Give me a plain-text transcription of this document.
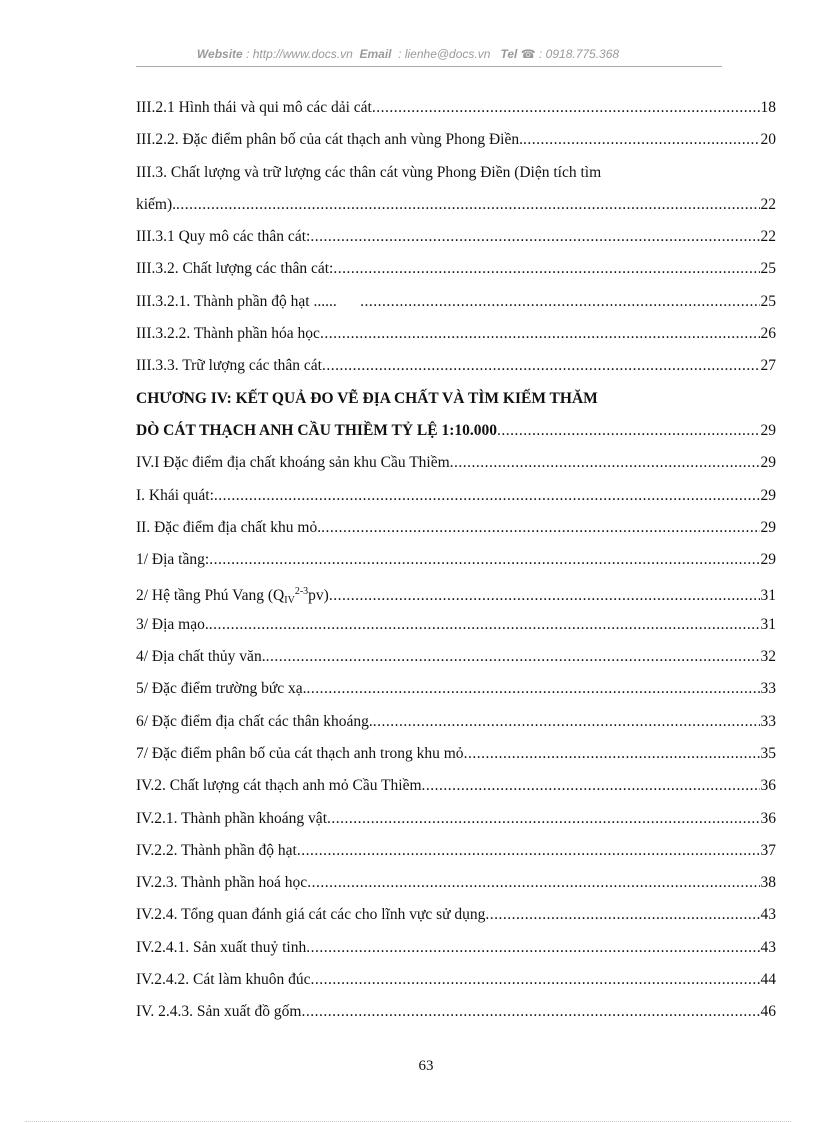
Website : http://www.docs.vn Email : lienhe@docs.vn Tel ☎ : 0918.775.368
III.2.1 Hình thái và qui mô các dải cát .....	18
III.2.2. Đặc điểm phân bố của cát thạch anh vùng Phong Điền. .....	20
III.3. Chất lượng và trữ lượng các thân cát vùng Phong Điền (Diện tích tìm
kiếm). .....	22
III.3.1 Quy mô các thân cát: .....	22
III.3.2. Chất lượng các thân cát: .....	25
III.3.2.1. Thành phần độ hạt ...... .....	25
III.3.2.2. Thành phần hóa học .....	26
III.3.3. Trữ lượng các thân cát .....	27
CHƯƠNG IV: KẾT QUẢ ĐO VẼ ĐỊA CHẤT VÀ TÌM KIẾM THĂM
DÒ CÁT THẠCH ANH CẦU THIỀM TỶ LỆ 1:10.000 .....	29
IV.I Đặc điểm địa chất khoáng sản khu Cầu Thiềm .....	29
I. Khái quát: .....	29
II. Đặc điểm địa chất khu mỏ. .....	29
1/ Địa tầng: .....	29
2/ Hệ tầng Phú Vang $(Q_{IV}^{2-3}pv)$ .....	31
3/ Địa mạo. .....	31
4/ Địa chất thủy văn. .....	32
5/ Đặc điểm trường bức xạ. .....	33
6/ Đặc điểm địa chất các thân khoáng. .....	33
7/ Đặc điểm phân bố của cát thạch anh trong khu mỏ .....	35
IV.2. Chất lượng cát thạch anh mỏ Cầu Thiềm .....	36
IV.2.1. Thành phần khoáng vật .....	36
IV.2.2. Thành phần độ hạt .....	37
IV.2.3. Thành phần hoá học .....	38
IV.2.4. Tổng quan đánh giá cát các cho lĩnh vực sử dụng .....	43
IV.2.4.1. Sản xuất thuỷ tinh .....	43
IV.2.4.2. Cát làm khuôn đúc .....	44
IV. 2.4.3. Sản xuất đồ gốm .....	46
63
